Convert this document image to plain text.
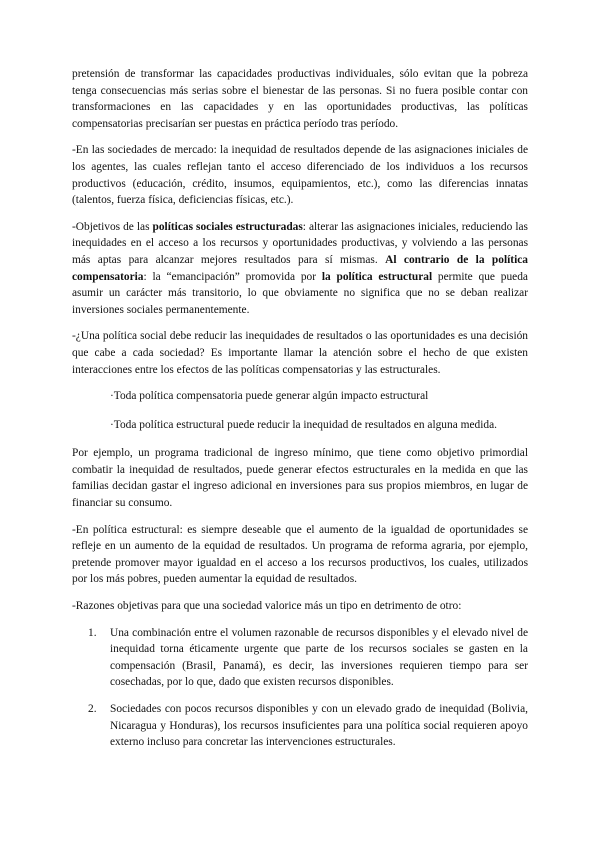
pretensión de transformar las capacidades productivas individuales, sólo evitan que la pobreza tenga consecuencias más serias sobre el bienestar de las personas. Si no fuera posible contar con transformaciones en las capacidades y en las oportunidades productivas, las políticas compensatorias precisarían ser puestas en práctica período tras período.

-En las sociedades de mercado: la inequidad de resultados depende de las asignaciones iniciales de los agentes, las cuales reflejan tanto el acceso diferenciado de los individuos a los recursos productivos (educación, crédito, insumos, equipamientos, etc.), como las diferencias innatas (talentos, fuerza física, deficiencias físicas, etc.).

-Objetivos de las políticas sociales estructuradas: alterar las asignaciones iniciales, reduciendo las inequidades en el acceso a los recursos y oportunidades productivas, y volviendo a las personas más aptas para alcanzar mejores resultados para sí mismas. Al contrario de la política compensatoria: la “emancipación” promovida por la política estructural permite que pueda asumir un carácter más transitorio, lo que obviamente no significa que no se deban realizar inversiones sociales permanentemente.

-¿Una política social debe reducir las inequidades de resultados o las oportunidades es una decisión que cabe a cada sociedad? Es importante llamar la atención sobre el hecho de que existen interacciones entre los efectos de las políticas compensatorias y las estructurales.

·Toda política compensatoria puede generar algún impacto estructural

·Toda política estructural puede reducir la inequidad de resultados en alguna medida.

Por ejemplo, un programa tradicional de ingreso mínimo, que tiene como objetivo primordial combatir la inequidad de resultados, puede generar efectos estructurales en la medida en que las familias decidan gastar el ingreso adicional en inversiones para sus propios miembros, en lugar de financiar su consumo.

-En política estructural: es siempre deseable que el aumento de la igualdad de oportunidades se refleje en un aumento de la equidad de resultados. Un programa de reforma agraria, por ejemplo, pretende promover mayor igualdad en el acceso a los recursos productivos, los cuales, utilizados por los más pobres, pueden aumentar la equidad de resultados.

-Razones objetivas para que una sociedad valorice más un tipo en detrimento de otro:

1. Una combinación entre el volumen razonable de recursos disponibles y el elevado nivel de inequidad torna éticamente urgente que parte de los recursos sociales se gasten en la compensación (Brasil, Panamá), es decir, las inversiones requieren tiempo para ser cosechadas, por lo que, dado que existen recursos disponibles.
2. Sociedades con pocos recursos disponibles y con un elevado grado de inequidad (Bolivia, Nicaragua y Honduras), los recursos insuficientes para una política social requieren apoyo externo incluso para concretar las intervenciones estructurales.
